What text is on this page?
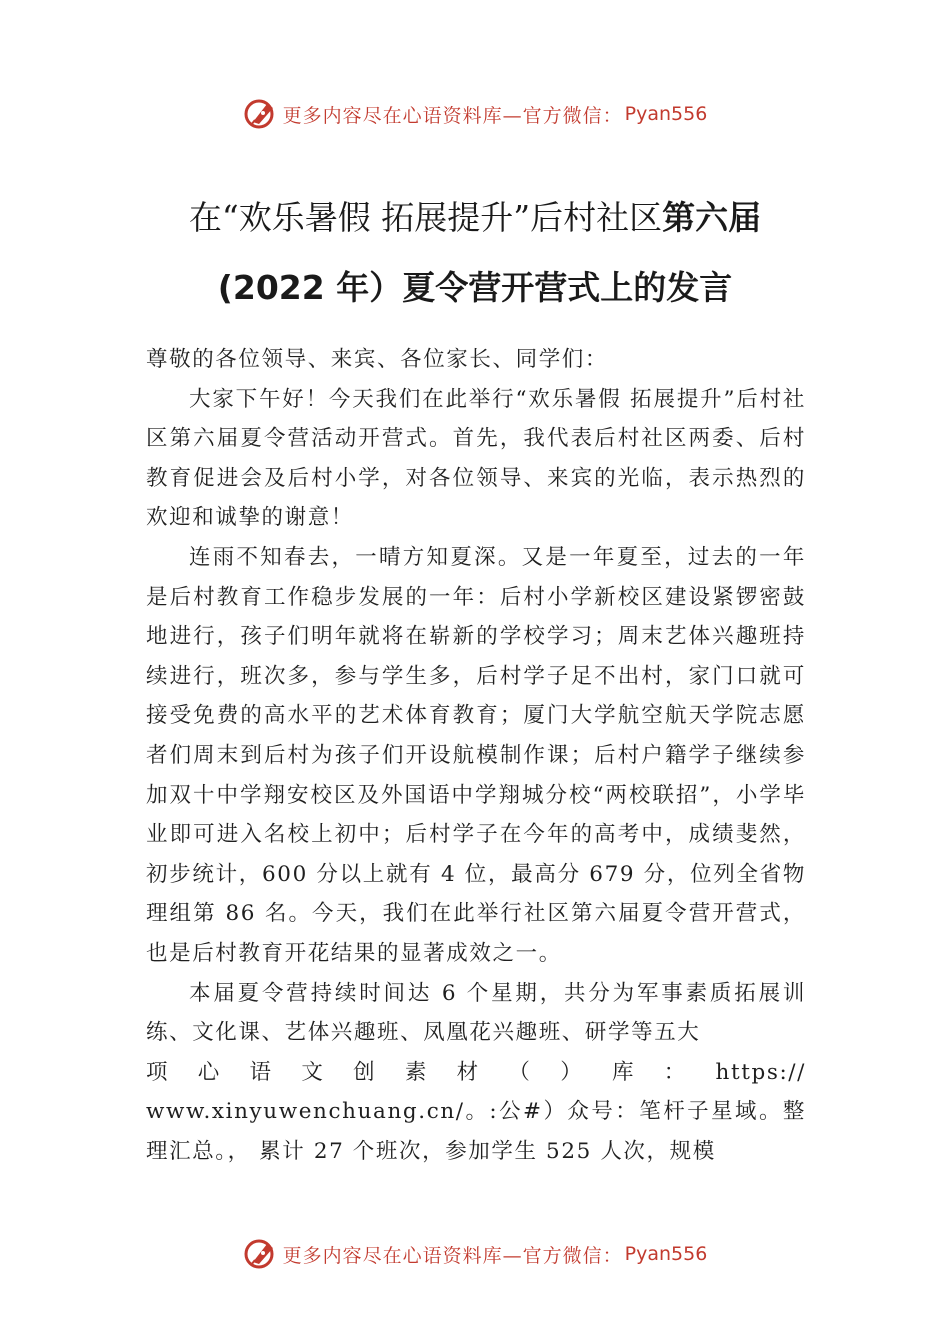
更多内容尽在心语资料库—官方微信： Pyan556
在“欢乐暑假 拓展提升”后村社区第六届
(2022 年）夏令营开营式上的发言

尊敬的各位领导、来宾、各位家长、同学们：

大家下午好！今天我们在此举行“欢乐暑假 拓展提升”后村社区第六届夏令营活动开营式。首先，我代表后村社区两委、后村教育促进会及后村小学，对各位领导、来宾的光临，表示热烈的欢迎和诚挚的谢意！

连雨不知春去，一晴方知夏深。又是一年夏至，过去的一年是后村教育工作稳步发展的一年：后村小学新校区建设紧锣密鼓地进行，孩子们明年就将在崭新的学校学习；周末艺体兴趣班持续进行，班次多，参与学生多，后村学子足不出村，家门口就可接受免费的高水平的艺术体育教育；厦门大学航空航天学院志愿者们周末到后村为孩子们开设航模制作课；后村户籍学子继续参加双十中学翔安校区及外国语中学翔城分校“两校联招”，小学毕业即可进入名校上初中；后村学子在今年的高考中，成绩斐然，初步统计，600 分以上就有 4 位，最高分 679 分，位列全省物理组第 86 名。今天，我们在此举行社区第六届夏令营开营式，也是后村教育开花结果的显著成效之一。

本届夏令营持续时间达 6 个星期，共分为军事素质拓展训练、文化课、艺体兴趣班、凤凰花兴趣班、研学等五大

项 心 语 文 创 素 材 （ ） 库 ： https://

www.xinyuwenchuang.cn/。:公#）众号：笔杆子星域。整理汇总。， 累计 27 个班次，参加学生 525 人次，规模

更多内容尽在心语资料库—官方微信： Pyan556
